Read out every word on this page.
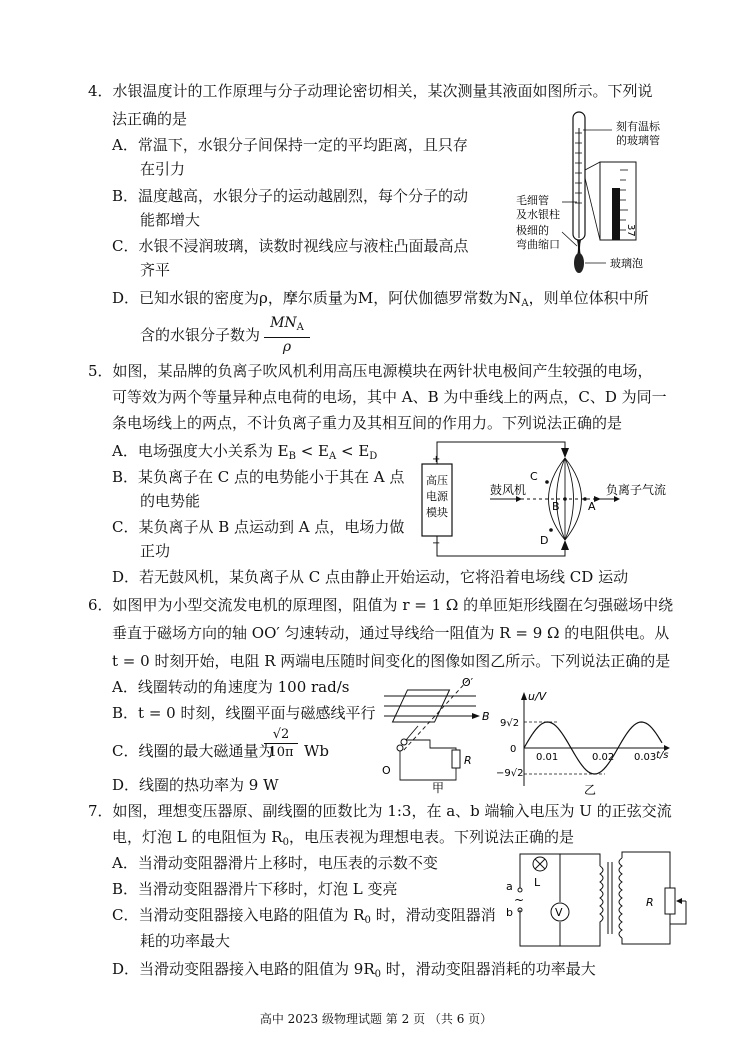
4．水银温度计的工作原理与分子动理论密切相关，某次测量其液面如图所示。下列说
法正确的是
A．常温下，水银分子间保持一定的平均距离，且只存
在引力
B．温度越高，水银分子的运动越剧烈，每个分子的动
能都增大
C．水银不浸润玻璃，读数时视线应与液柱凸面最高点
齐平
D．已知水银的密度为ρ，摩尔质量为M，阿伏伽德罗常数为$N_A$，则单位体积中所
含的水银分子数为
$MN_A$
ρ
刻有温标
的玻璃管
毛细管
及水银柱
极细的
弯曲缩口
玻璃泡
37
5．如图，某品牌的负离子吹风机利用高压电源模块在两针状电极间产生较强的电场，
可等效为两个等量异种点电荷的电场，其中 A、B 为中垂线上的两点，C、D 为同一
条电场线上的两点，不计负离子重力及其相互间的作用力。下列说法正确的是
A．电场强度大小关系为 $E_B < E_A < E_D$
B．某负离子在 C 点的电势能小于其在 A 点
的电势能
C．某负离子从 B 点运动到 A 点，电场力做
正功
D．若无鼓风机，某负离子从 C 点由静止开始运动，它将沿着电场线 CD 运动
高压
电源
模块
+
−
鼓风机	负离子气流
C
D
B	A
6．如图甲为小型交流发电机的原理图，阻值为 r = 1 Ω 的单匝矩形线圈在匀强磁场中绕
垂直于磁场方向的轴 OO′ 匀速转动，通过导线给一阻值为 R = 9 Ω 的电阻供电。从
t = 0 时刻开始，电阻 R 两端电压随时间变化的图像如图乙所示。下列说法正确的是
A．线圈转动的角速度为 100 rad/s
B．t = 0 时刻，线圈平面与磁感线平行
C．线圈的最大磁通量为
√2
10π Wb
D．线圈的热功率为 9 W
O′
B
R
O
甲
u/V
t/s
9√2
0
−9√2
0.01	0.02 0.03
乙
7．如图，理想变压器原、副线圈的匝数比为 1:3，在 a、b 端输入电压为 U 的正弦交流
电，灯泡 L 的电阻恒为 $R_0$，电压表视为理想电表。下列说法正确的是
A．当滑动变阻器滑片上移时，电压表的示数不变
B．当滑动变阻器滑片下移时，灯泡 L 变亮
C．当滑动变阻器接入电路的阻值为 $R_0$ 时，滑动变阻器消
耗的功率最大
D．当滑动变阻器接入电路的阻值为 $9R_0$ 时，滑动变阻器消耗的功率最大
L
V
a
b
~	R
高中 2023 级物理试题 第 2 页 （共 6 页）
